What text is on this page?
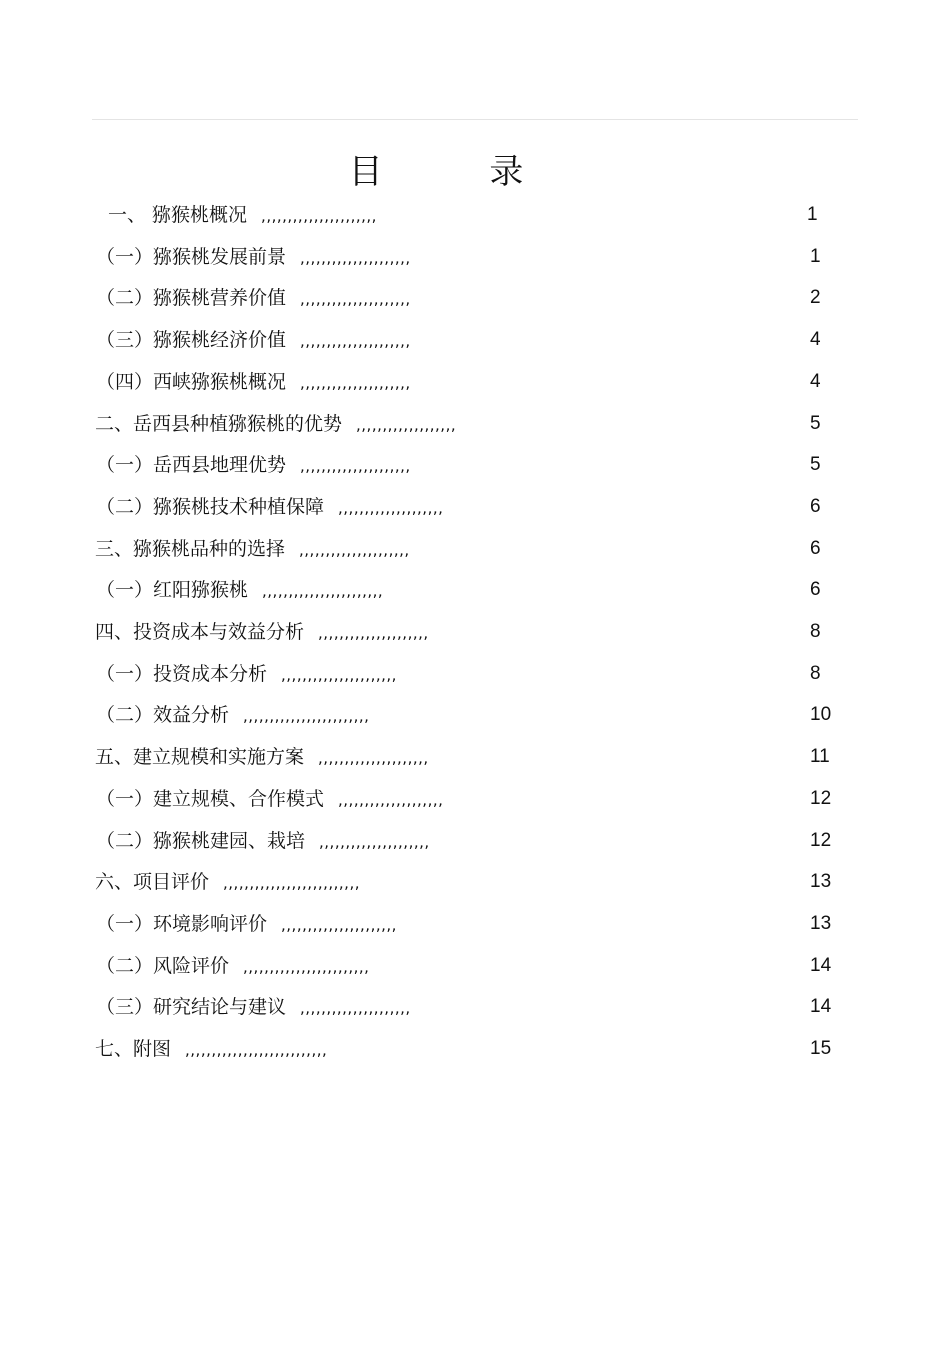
目 录
一、 猕猴桃概况 ,,,,,,,,,,,,,,,,,,,,,,	1
（一）猕猴桃发展前景 ,,,,,,,,,,,,,,,,,,,,,	1
（二）猕猴桃营养价值 ,,,,,,,,,,,,,,,,,,,,,	2
（三）猕猴桃经济价值 ,,,,,,,,,,,,,,,,,,,,,	4
（四）西峡猕猴桃概况 ,,,,,,,,,,,,,,,,,,,,,	4
二、岳西县种植猕猴桃的优势 ,,,,,,,,,,,,,,,,,,,	5
（一）岳西县地理优势 ,,,,,,,,,,,,,,,,,,,,,	5
（二）猕猴桃技术种植保障 ,,,,,,,,,,,,,,,,,,,,	6
三、猕猴桃品种的选择 ,,,,,,,,,,,,,,,,,,,,,	6
（一）红阳猕猴桃 ,,,,,,,,,,,,,,,,,,,,,,,	6
四、投资成本与效益分析 ,,,,,,,,,,,,,,,,,,,,,	8
（一）投资成本分析 ,,,,,,,,,,,,,,,,,,,,,,	8
（二）效益分析 ,,,,,,,,,,,,,,,,,,,,,,,,	10
五、建立规模和实施方案 ,,,,,,,,,,,,,,,,,,,,,	11
（一）建立规模、合作模式 ,,,,,,,,,,,,,,,,,,,,	12
（二）猕猴桃建园、栽培 ,,,,,,,,,,,,,,,,,,,,,	12
六、项目评价 ,,,,,,,,,,,,,,,,,,,,,,,,,,	13
（一）环境影响评价 ,,,,,,,,,,,,,,,,,,,,,,	13
（二）风险评价 ,,,,,,,,,,,,,,,,,,,,,,,,	14
（三）研究结论与建议 ,,,,,,,,,,,,,,,,,,,,,	14
七、附图 ,,,,,,,,,,,,,,,,,,,,,,,,,,,	15
